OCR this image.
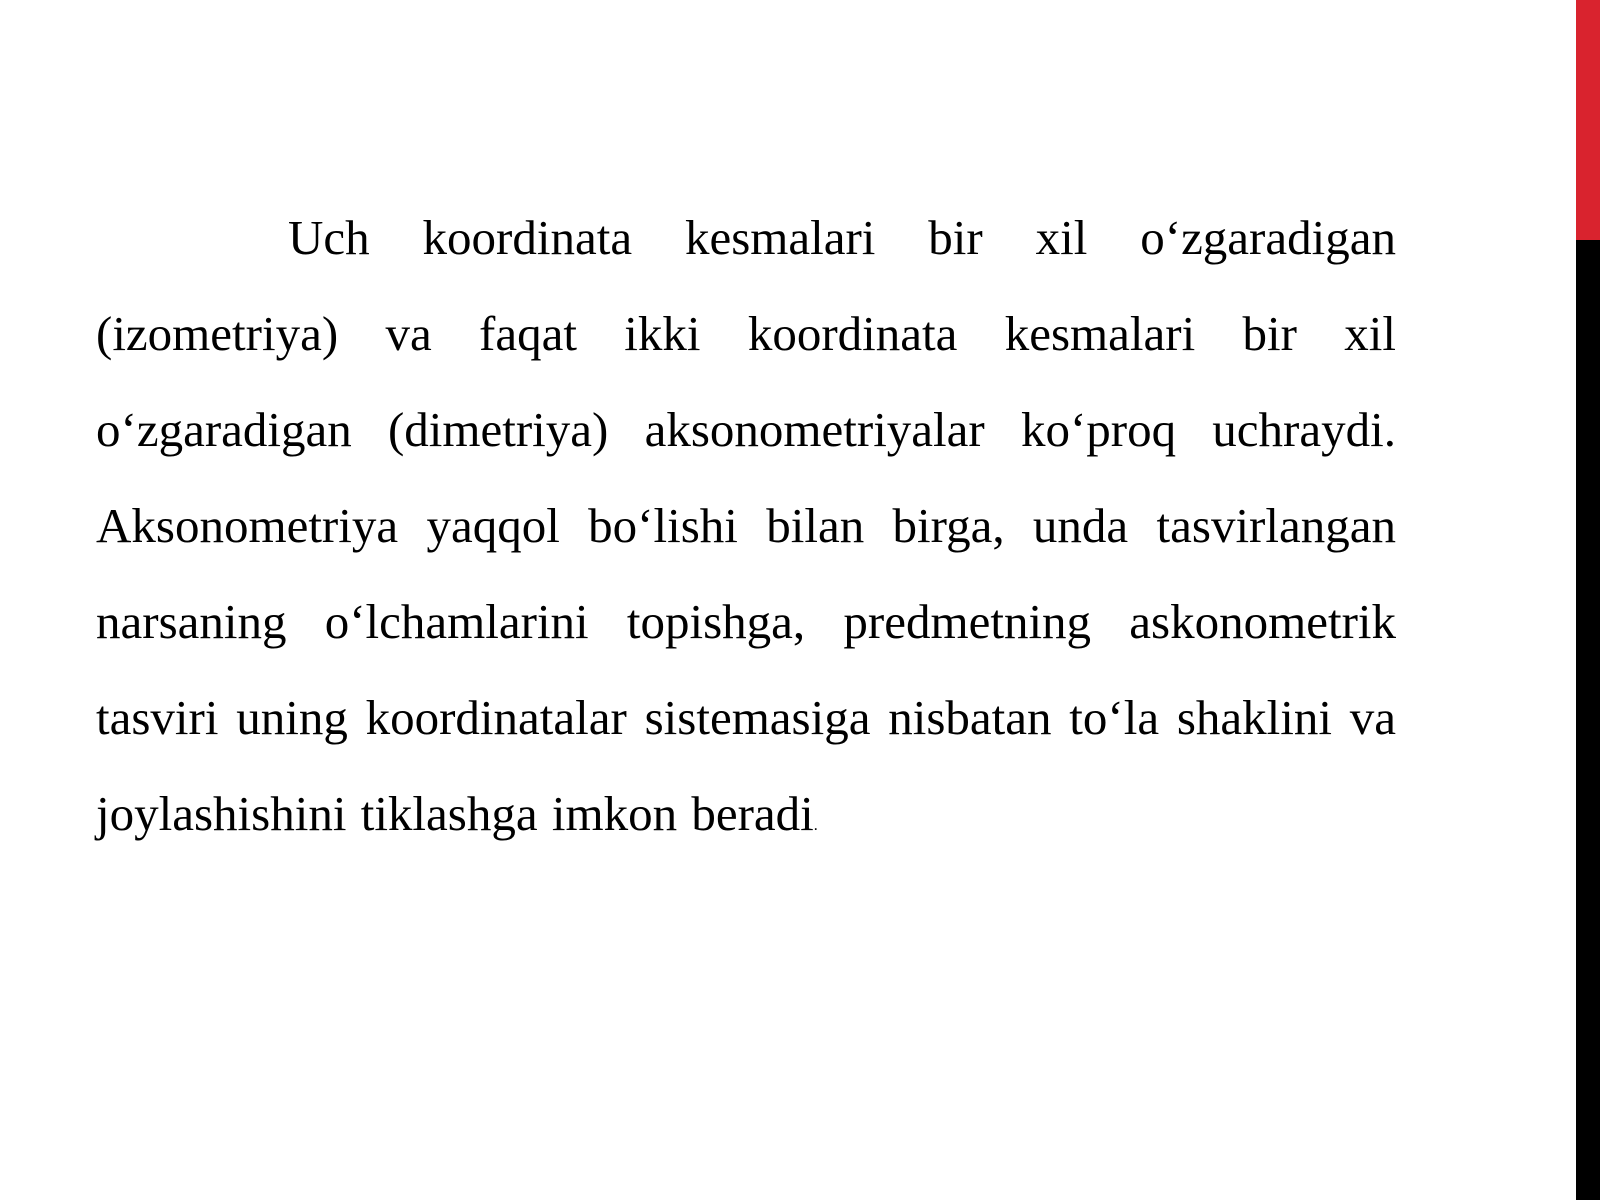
Uch koordinata kesmalari bir xil o‘zgaradigan (izometriya) va faqat ikki koordinata kesmalari bir xil o‘zgaradigan (dimetriya) aksonometriyalar ko‘proq uchraydi. Aksonometriya yaqqol bo‘lishi bilan birga, unda tasvirlangan narsaning o‘lchamlarini topishga, predmetning askonometrik tasviri uning koordinatalar sistemasiga nisbatan to‘la shaklini va joylashishini tiklashga imkon beradi.
